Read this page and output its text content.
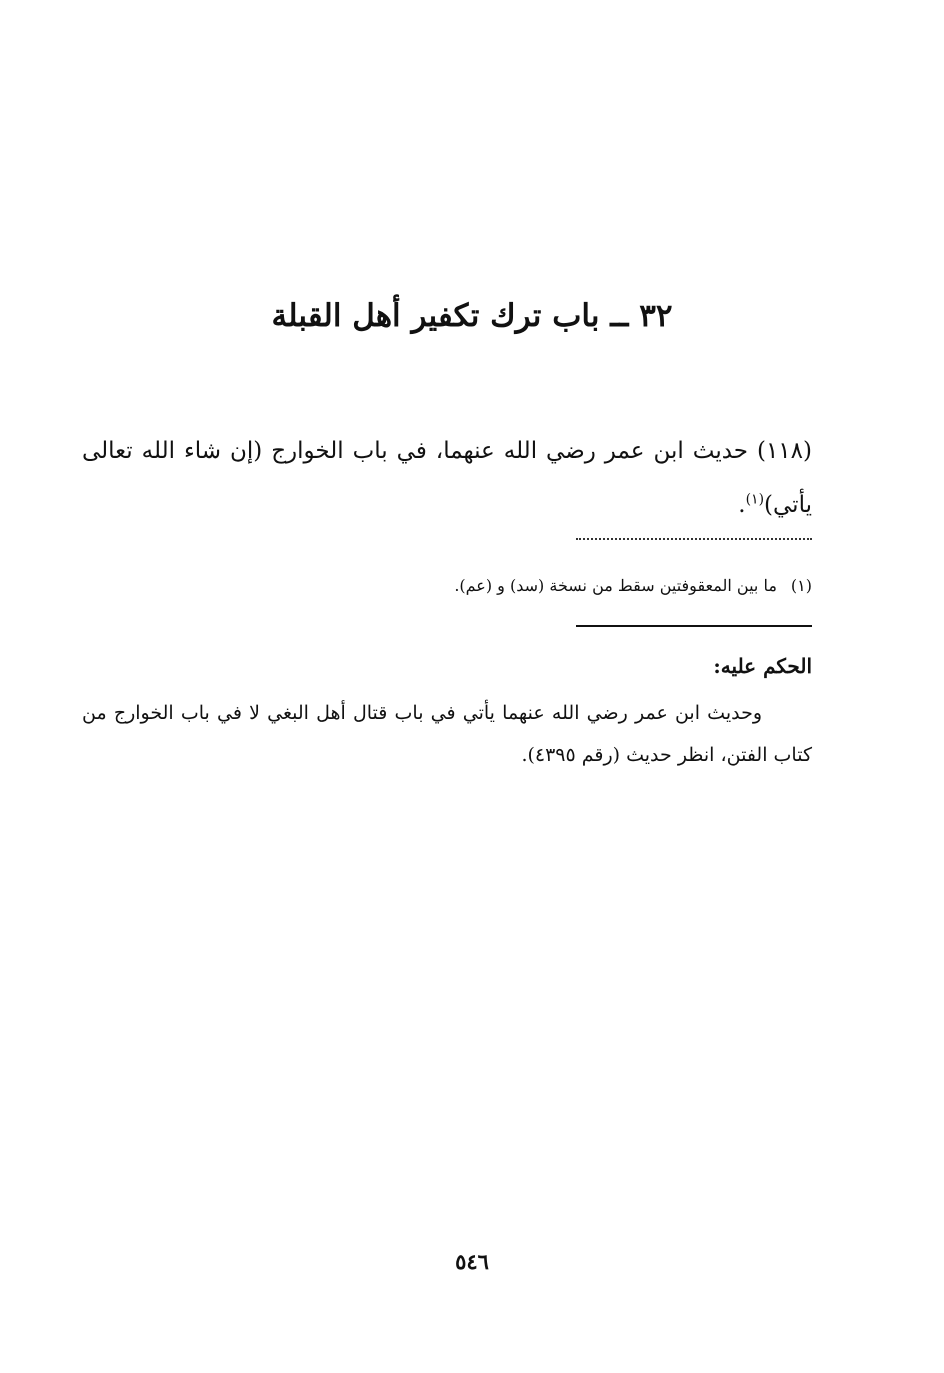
٣٢ ــ باب ترك تكفير أهل القبلة
(١١٨) حديث ابن عمر رضي الله عنهما، في باب الخوارج (إن شاء الله تعالى يأتي)$^{(١)}$.
(١)ما بين المعقوفتين سقط من نسخة (سد) و (عم).
الحكم عليه:
وحديث ابن عمر رضي الله عنهما يأتي في باب قتال أهل البغي لا في باب الخوارج من كتاب الفتن، انظر حديث (رقم ٤٣٩٥).
٥٤٦
